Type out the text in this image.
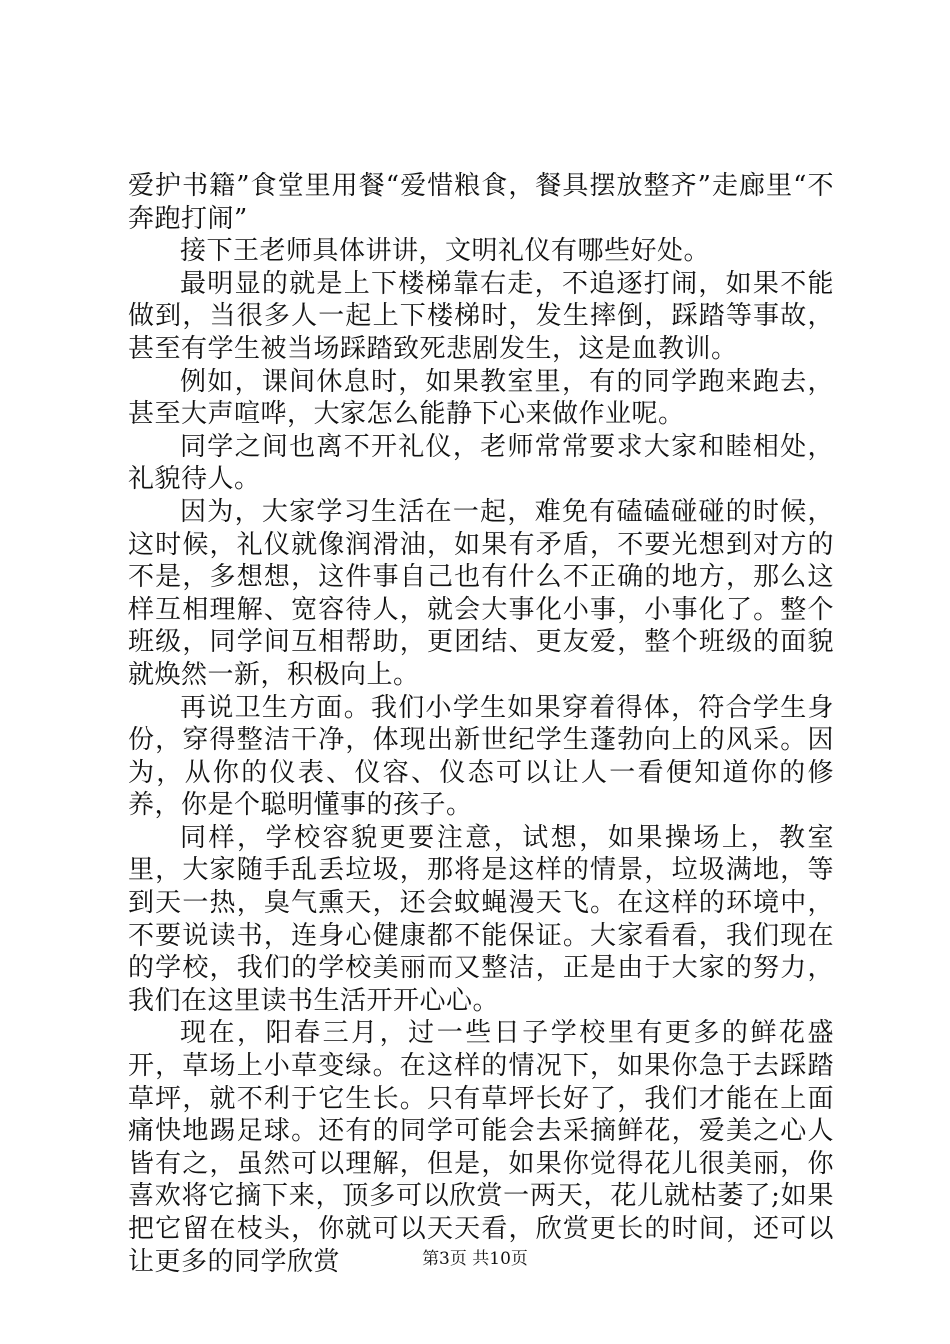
爱护书籍”食堂里用餐“爱惜粮食，餐具摆放整齐”走廊里“不奔跑打闹”

接下王老师具体讲讲，文明礼仪有哪些好处。

最明显的就是上下楼梯靠右走，不追逐打闹，如果不能做到，当很多人一起上下楼梯时，发生摔倒，踩踏等事故，甚至有学生被当场踩踏致死悲剧发生，这是血教训。

例如，课间休息时，如果教室里，有的同学跑来跑去，甚至大声喧哗，大家怎么能静下心来做作业呢。

同学之间也离不开礼仪，老师常常要求大家和睦相处，礼貌待人。

因为，大家学习生活在一起，难免有磕磕碰碰的时候，这时候，礼仪就像润滑油，如果有矛盾，不要光想到对方的不是，多想想，这件事自己也有什么不正确的地方，那么这样互相理解、宽容待人，就会大事化小事，小事化了。整个班级，同学间互相帮助，更团结、更友爱，整个班级的面貌就焕然一新，积极向上。

再说卫生方面。我们小学生如果穿着得体，符合学生身份，穿得整洁干净，体现出新世纪学生蓬勃向上的风采。因为，从你的仪表、仪容、仪态可以让人一看便知道你的修养，你是个聪明懂事的孩子。

同样，学校容貌更要注意，试想，如果操场上，教室里，大家随手乱丢垃圾，那将是这样的情景，垃圾满地，等到天一热，臭气熏天，还会蚊蝇漫天飞。在这样的环境中，不要说读书，连身心健康都不能保证。大家看看，我们现在的学校，我们的学校美丽而又整洁，正是由于大家的努力，我们在这里读书生活开开心心。

现在，阳春三月，过一些日子学校里有更多的鲜花盛开，草场上小草变绿。在这样的情况下，如果你急于去踩踏草坪，就不利于它生长。只有草坪长好了，我们才能在上面痛快地踢足球。还有的同学可能会去采摘鲜花，爱美之心人皆有之，虽然可以理解，但是，如果你觉得花儿很美丽，你喜欢将它摘下来，顶多可以欣赏一两天，花儿就枯萎了;如果把它留在枝头，你就可以天天看，欣赏更长的时间，还可以让更多的同学欣赏	第3页 共10页
